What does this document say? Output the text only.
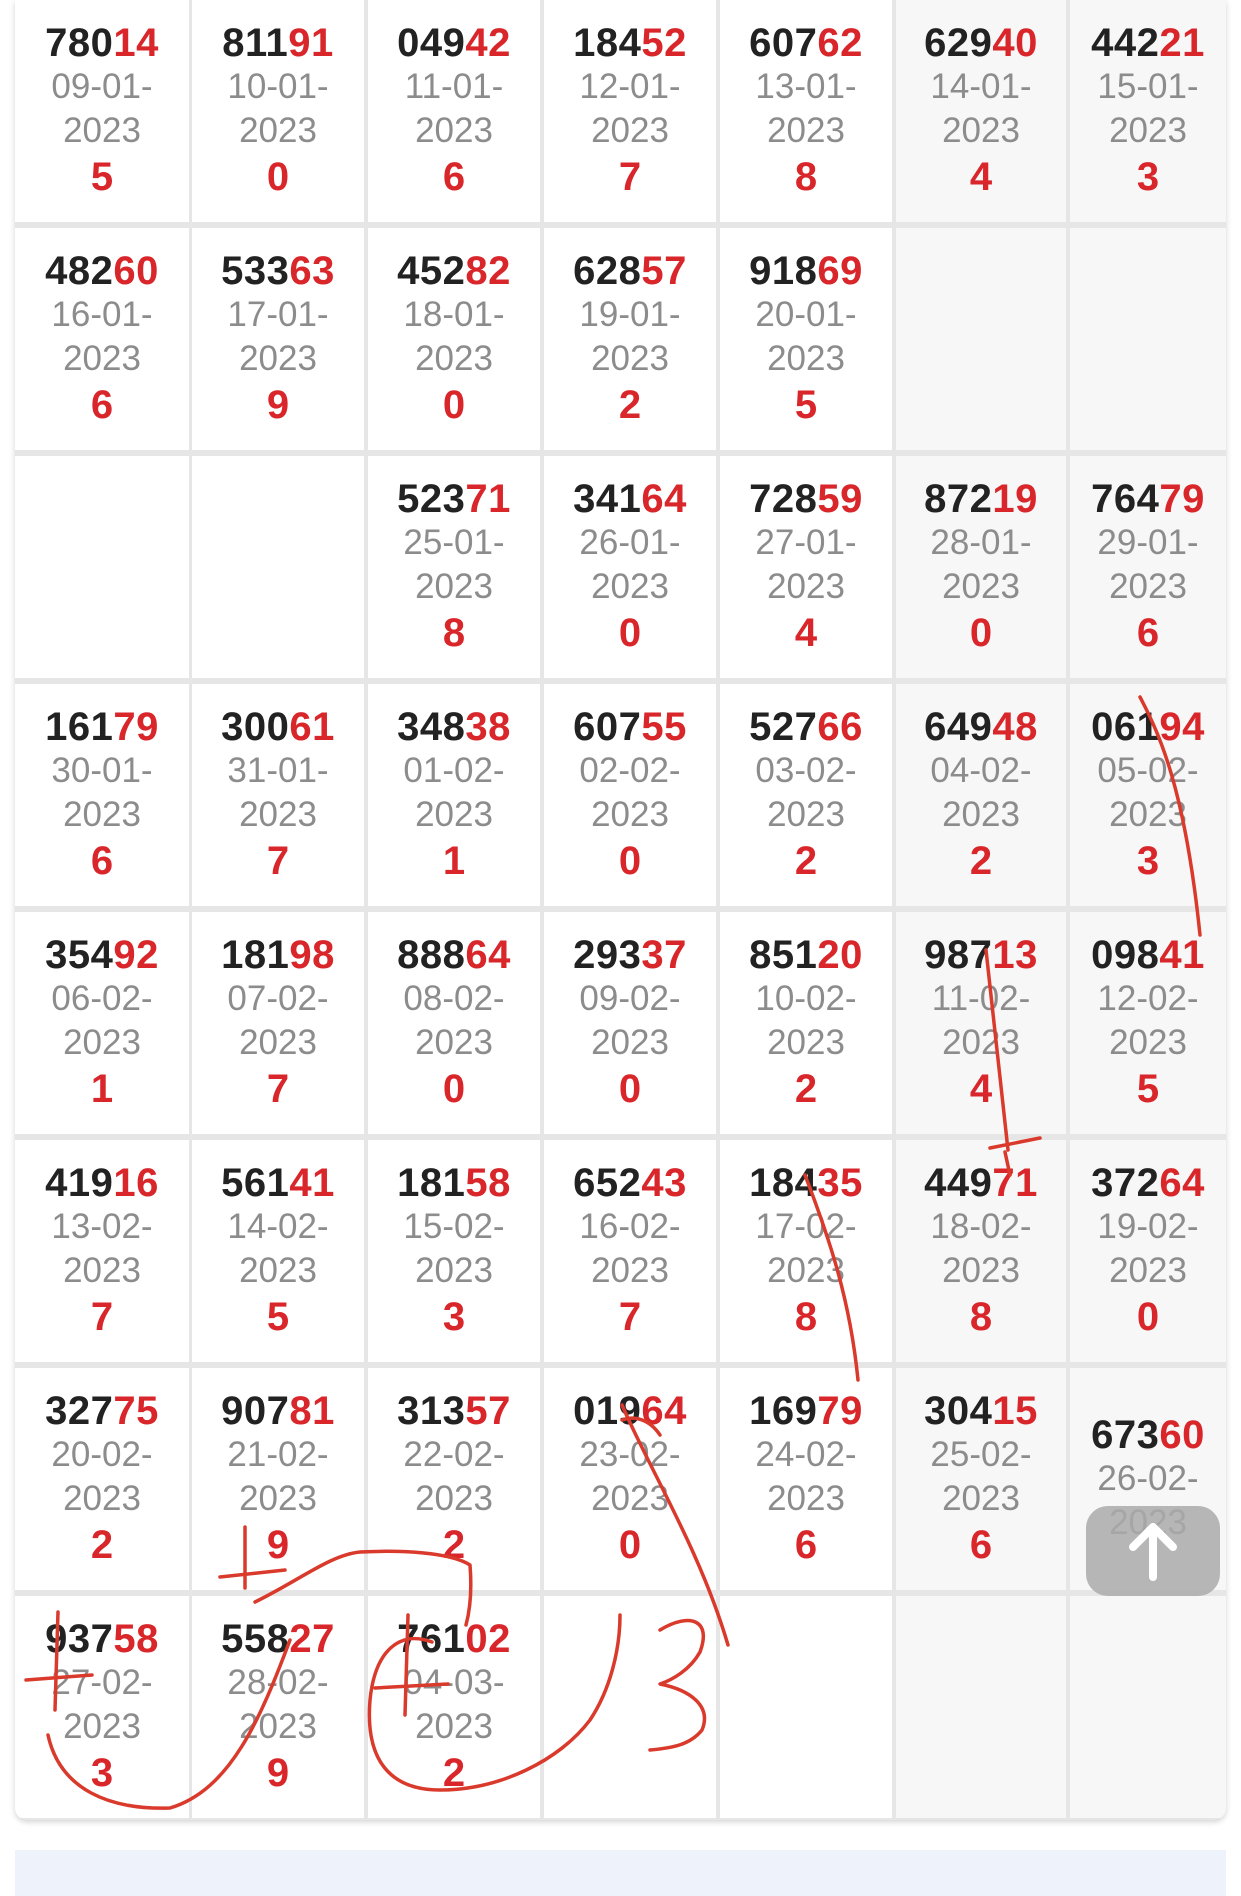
78014
09-01-
2023
5
81191
10-01-
2023
0
04942
11-01-
2023
6
18452
12-01-
2023
7
60762
13-01-
2023
8
62940
14-01-
2023
4
44221
15-01-
2023
3
48260
16-01-
2023
6
53363
17-01-
2023
9
45282
18-01-
2023
0
62857
19-01-
2023
2
91869
20-01-
2023
5
52371
25-01-
2023
8
34164
26-01-
2023
0
72859
27-01-
2023
4
87219
28-01-
2023
0
76479
29-01-
2023
6
16179
30-01-
2023
6
30061
31-01-
2023
7
34838
01-02-
2023
1
60755
02-02-
2023
0
52766
03-02-
2023
2
64948
04-02-
2023
2
06194
05-02-
2023
3
35492
06-02-
2023
1
18198
07-02-
2023
7
88864
08-02-
2023
0
29337
09-02-
2023
0
85120
10-02-
2023
2
98713
11-02-
2023
4
09841
12-02-
2023
5
41916
13-02-
2023
7
56141
14-02-
2023
5
18158
15-02-
2023
3
65243
16-02-
2023
7
18435
17-02-
2023
8
44971
18-02-
2023
8
37264
19-02-
2023
0
32775
20-02-
2023
2
90781
21-02-
2023
9
31357
22-02-
2023
2
01964
23-02-
2023
0
16979
24-02-
2023
6
30415
25-02-
2023
6
67360
26-02-
93758
27-02-
2023
3
55827
28-02-
2023
9
76102
04-03-
2023
2
